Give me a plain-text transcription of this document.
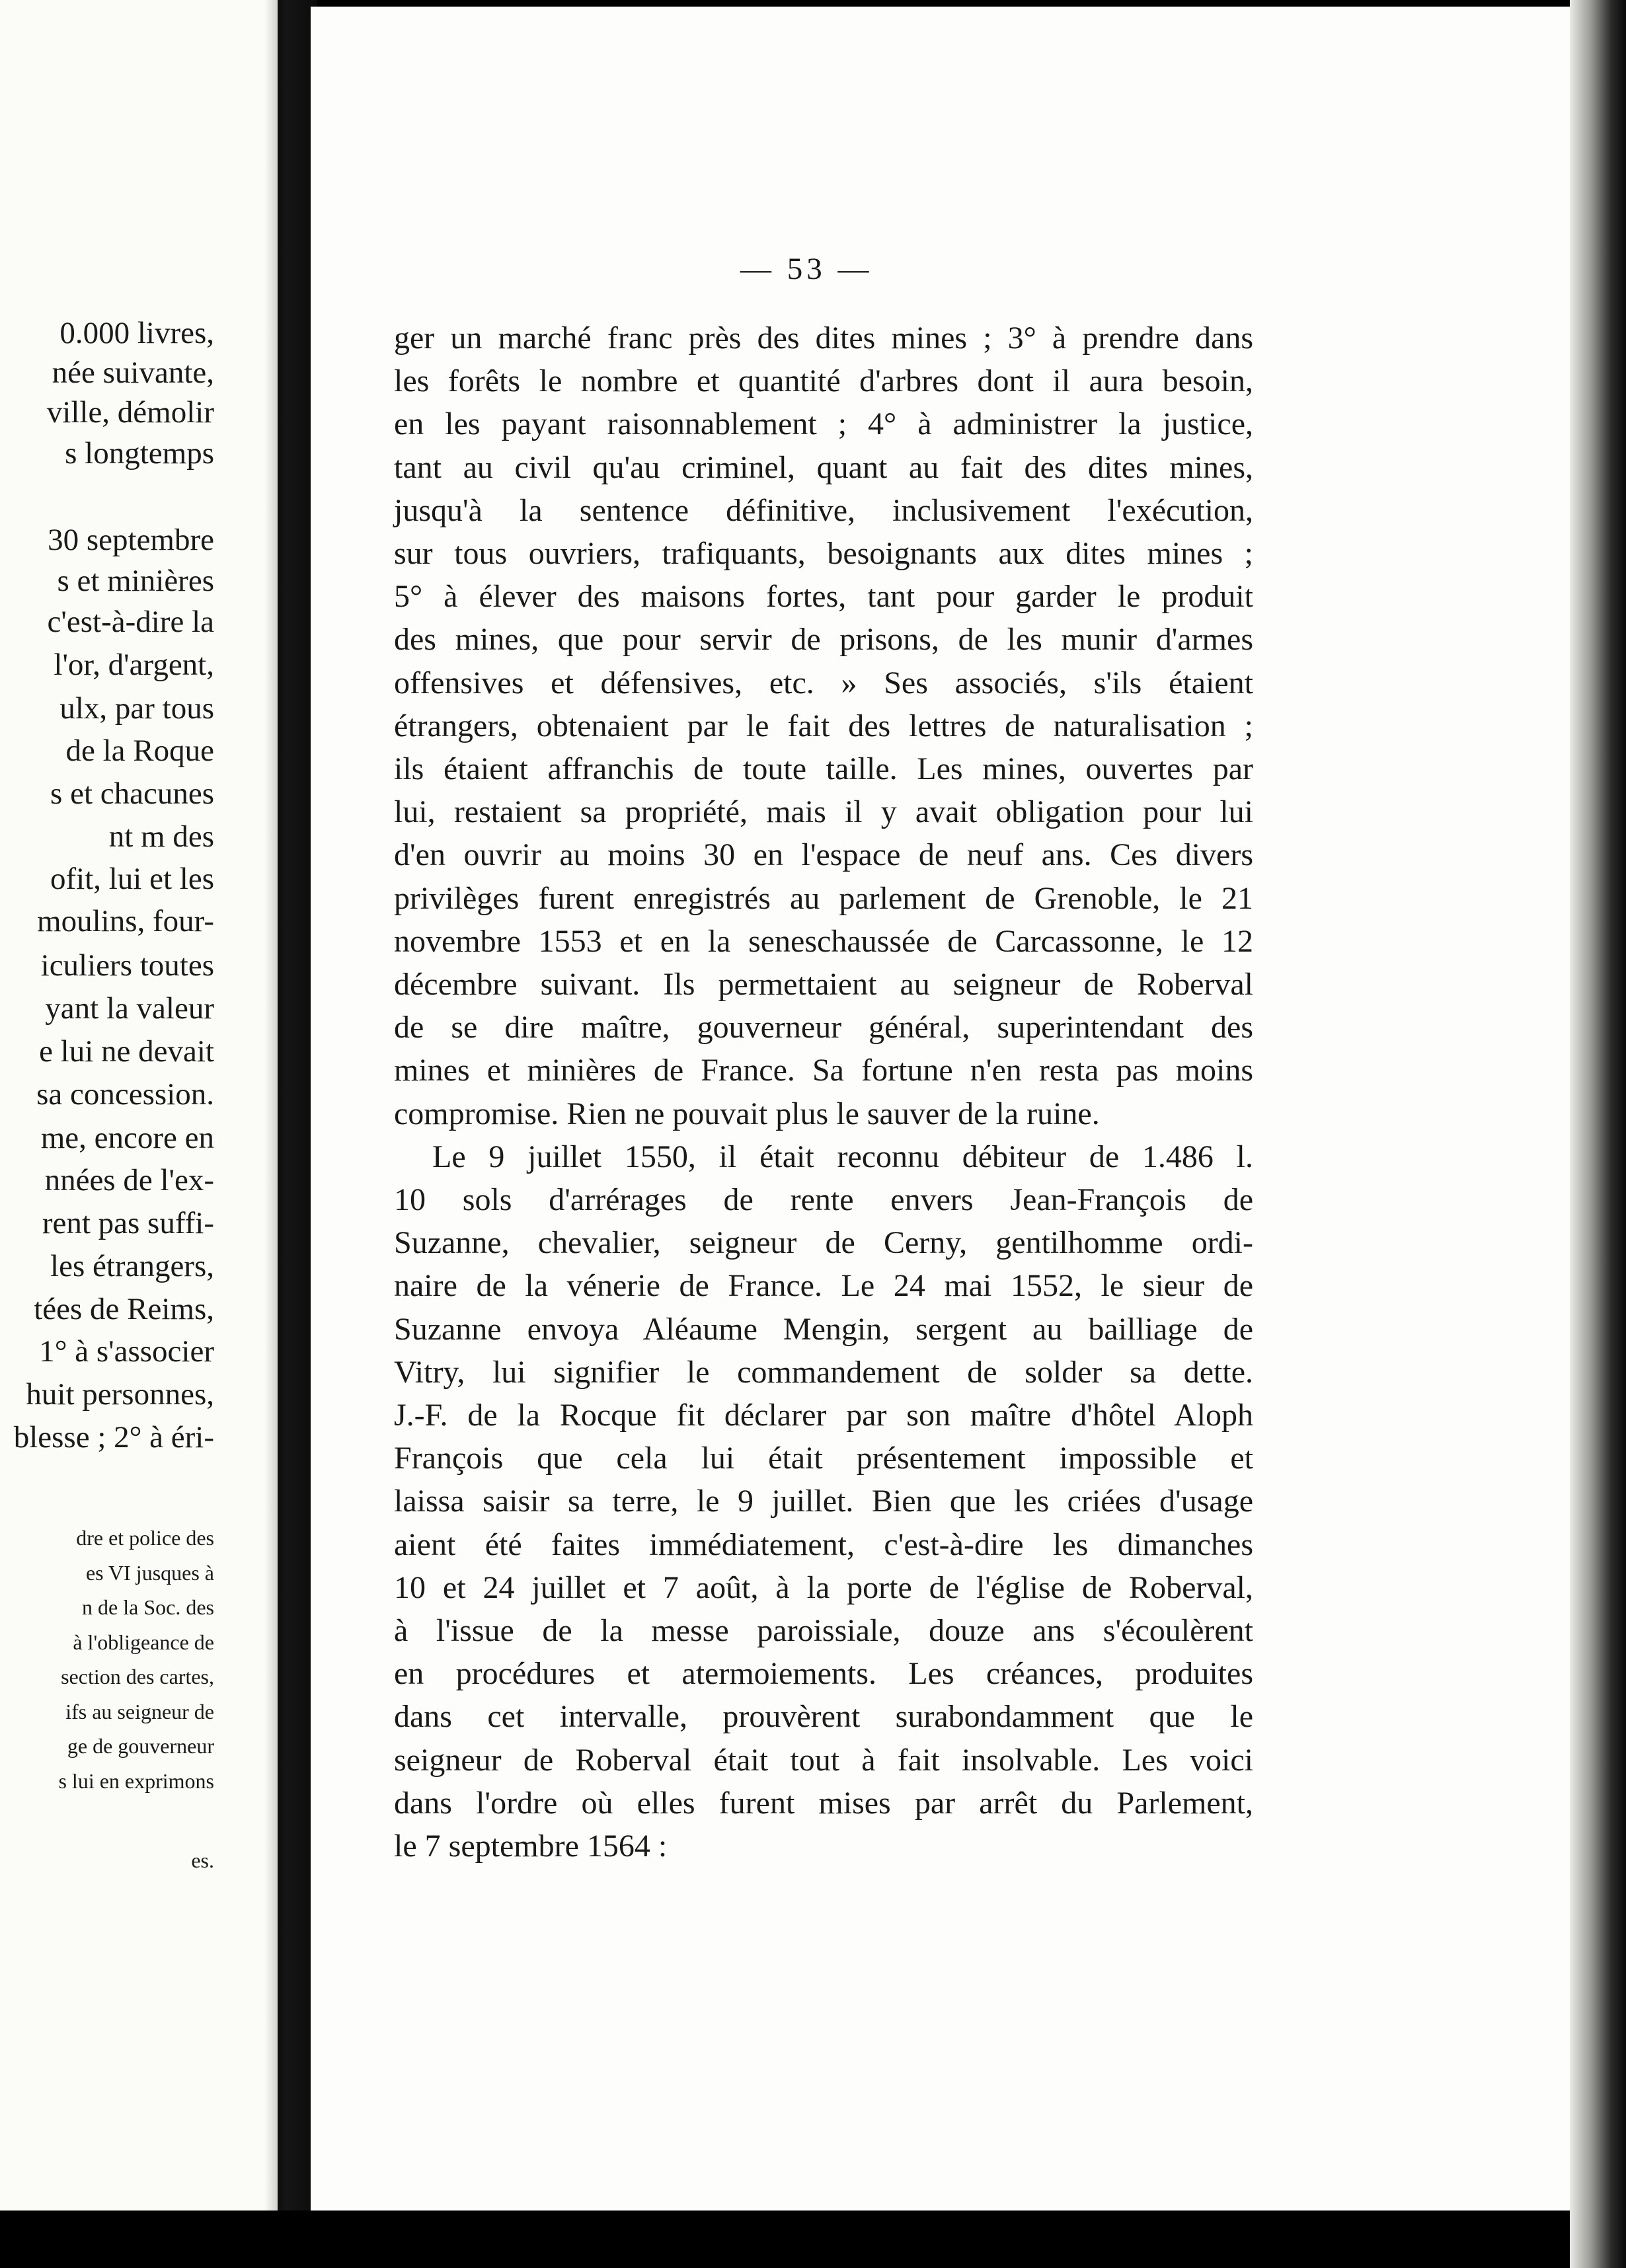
0.000 livres,
née suivante,
ville, démolir
s longtemps
30 septembre
s et minières
c'est-à-dire la
l'or, d'argent,
ulx, par tous
de la Roque
s et chacunes
nt m des
ofit, lui et les
moulins, four-
iculiers toutes
yant la valeur
e lui ne devait
sa concession.
me, encore en
nnées de l'ex-
rent pas suffi-
les étrangers,
tées de Reims,
1° à s'associer
huit personnes,
blesse ; 2° à éri-
dre et police des
es VI jusques à
n de la Soc. des
à l'obligeance de
section des cartes,
ifs au seigneur de
ge de gouverneur
s lui en exprimons
es.
— 53 —
ger un marché franc près des dites mines ; 3° à prendre dans
les forêts le nombre et quantité d'arbres dont il aura besoin,
en les payant raisonnablement ; 4° à administrer la justice,
tant au civil qu'au criminel, quant au fait des dites mines,
jusqu'à la sentence définitive, inclusivement l'exécution,
sur tous ouvriers, trafiquants, besoignants aux dites mines ;
5° à élever des maisons fortes, tant pour garder le produit
des mines, que pour servir de prisons, de les munir d'armes
offensives et défensives, etc. » Ses associés, s'ils étaient
étrangers, obtenaient par le fait des lettres de naturalisation ;
ils étaient affranchis de toute taille. Les mines, ouvertes par
lui, restaient sa propriété, mais il y avait obligation pour lui
d'en ouvrir au moins 30 en l'espace de neuf ans. Ces divers
privilèges furent enregistrés au parlement de Grenoble, le 21
novembre 1553 et en la seneschaussée de Carcassonne, le 12
décembre suivant. Ils permettaient au seigneur de Roberval
de se dire maître, gouverneur général, superintendant des
mines et minières de France. Sa fortune n'en resta pas moins
compromise. Rien ne pouvait plus le sauver de la ruine.
Le 9 juillet 1550, il était reconnu débiteur de 1.486 l.
10 sols d'arrérages de rente envers Jean-François de
Suzanne, chevalier, seigneur de Cerny, gentilhomme ordi-
naire de la vénerie de France. Le 24 mai 1552, le sieur de
Suzanne envoya Aléaume Mengin, sergent au bailliage de
Vitry, lui signifier le commandement de solder sa dette.
J.-F. de la Rocque fit déclarer par son maître d'hôtel Aloph
François que cela lui était présentement impossible et
laissa saisir sa terre, le 9 juillet. Bien que les criées d'usage
aient été faites immédiatement, c'est-à-dire les dimanches
10 et 24 juillet et 7 août, à la porte de l'église de Roberval,
à l'issue de la messe paroissiale, douze ans s'écoulèrent
en procédures et atermoiements. Les créances, produites
dans cet intervalle, prouvèrent surabondamment que le
seigneur de Roberval était tout à fait insolvable. Les voici
dans l'ordre où elles furent mises par arrêt du Parlement,
le 7 septembre 1564 :
